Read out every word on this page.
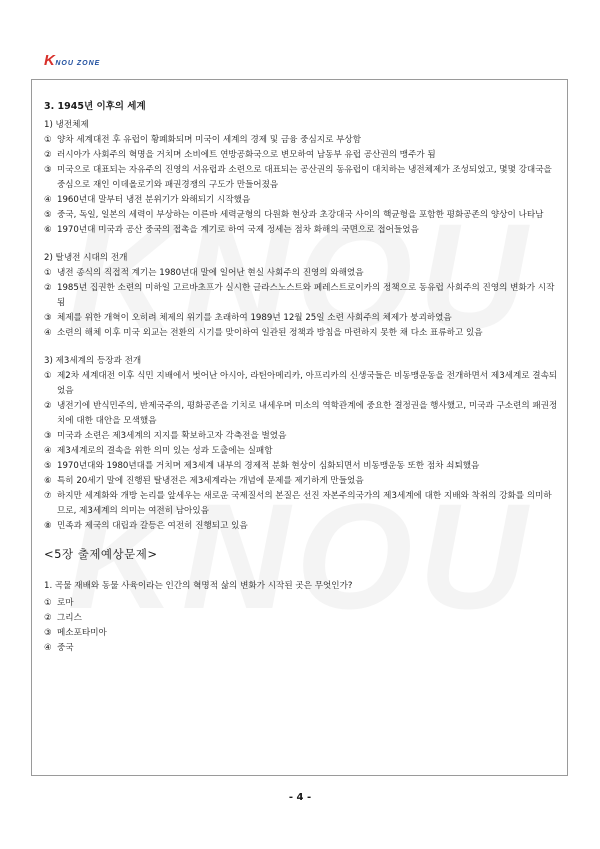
KNOU ZONE
3. 1945년 이후의 세계
1) 냉전체제
① 양차 세계대전 후 유럽이 황폐화되며 미국이 세계의 경제 및 금융 중심지로 부상함
② 러시아가 사회주의 혁명을 거치며 소비에트 연방공화국으로 변모하여 남동부 유럽 공산권의 맹주가 됨
③ 미국으로 대표되는 자유주의 진영의 서유럽과 소련으로 대표되는 공산권의 동유럽이 대치하는 냉전체제가 조성되었고, 몇몇 강대국을 중심으로 재인 이데올로기와 패권경쟁의 구도가 만들어졌음
④ 1960년대 말부터 냉전 분위기가 와해되기 시작했음
⑤ 중국, 독일, 일본의 세력이 부상하는 이른바 세력균형의 다원화 현상과 초강대국 사이의 핵균형을 포함한 평화공존의 양상이 나타남
⑥ 1970년대 미국과 공산 중국의 접촉을 계기로 하여 국제 정세는 점차 화해의 국면으로 접어들었음
2) 탈냉전 시대의 전개
① 냉전 종식의 직접적 계기는 1980년대 말에 일어난 현실 사회주의 진영의 와해였음
② 1985년 집권한 소련의 미하일 고르바초프가 실시한 글라스노스트와 페레스트로이카의 정책으로 동유럽 사회주의 진영의 변화가 시작됨
③ 체제를 위한 개혁이 오히려 체제의 위기를 초래하여 1989년 12월 25일 소련 사회주의 체제가 붕괴하였음
④ 소련의 해체 이후 미국 외교는 전환의 시기를 맞이하여 일관된 정책과 방침을 마련하지 못한 채 다소 표류하고 있음
3) 제3세계의 등장과 전개
① 제2차 세계대전 이후 식민 지배에서 벗어난 아시아, 라틴아메리카, 아프리카의 신생국들은 비동맹운동을 전개하면서 제3세계로 결속되었음
② 냉전기에 반식민주의, 반제국주의, 평화공존을 기치로 내세우며 미소의 역학관계에 중요한 결정권을 행사했고, 미국과 구소련의 패권정치에 대한 대안을 모색했음
③ 미국과 소련은 제3세계의 지지를 확보하고자 각축전을 벌였음
④ 제3세계로의 결속을 위한 의미 있는 성과 도출에는 실패함
⑤ 1970년대와 1980년대를 거치며 제3세계 내부의 경제적 분화 현상이 심화되면서 비동맹운동 또한 점차 쇠퇴했음
⑥ 특히 20세기 말에 진행된 탈냉전은 제3세계라는 개념에 문제를 제기하게 만들었음
⑦ 하지만 세계화와 개방 논리를 앞세우는 새로운 국제질서의 본질은 선진 자본주의국가의 제3세계에 대한 지배와 착취의 강화를 의미하므로, 제3세계의 의미는 여전히 남아있음
⑧ 민족과 제국의 대립과 갈등은 여전히 진행되고 있음
<5장 출제예상문제>
1. 곡물 재배와 동물 사육이라는 인간의 혁명적 삶의 변화가 시작된 곳은 무엇인가?
① 로마
② 그리스
③ 메소포타미아
④ 중국
- 4 -
